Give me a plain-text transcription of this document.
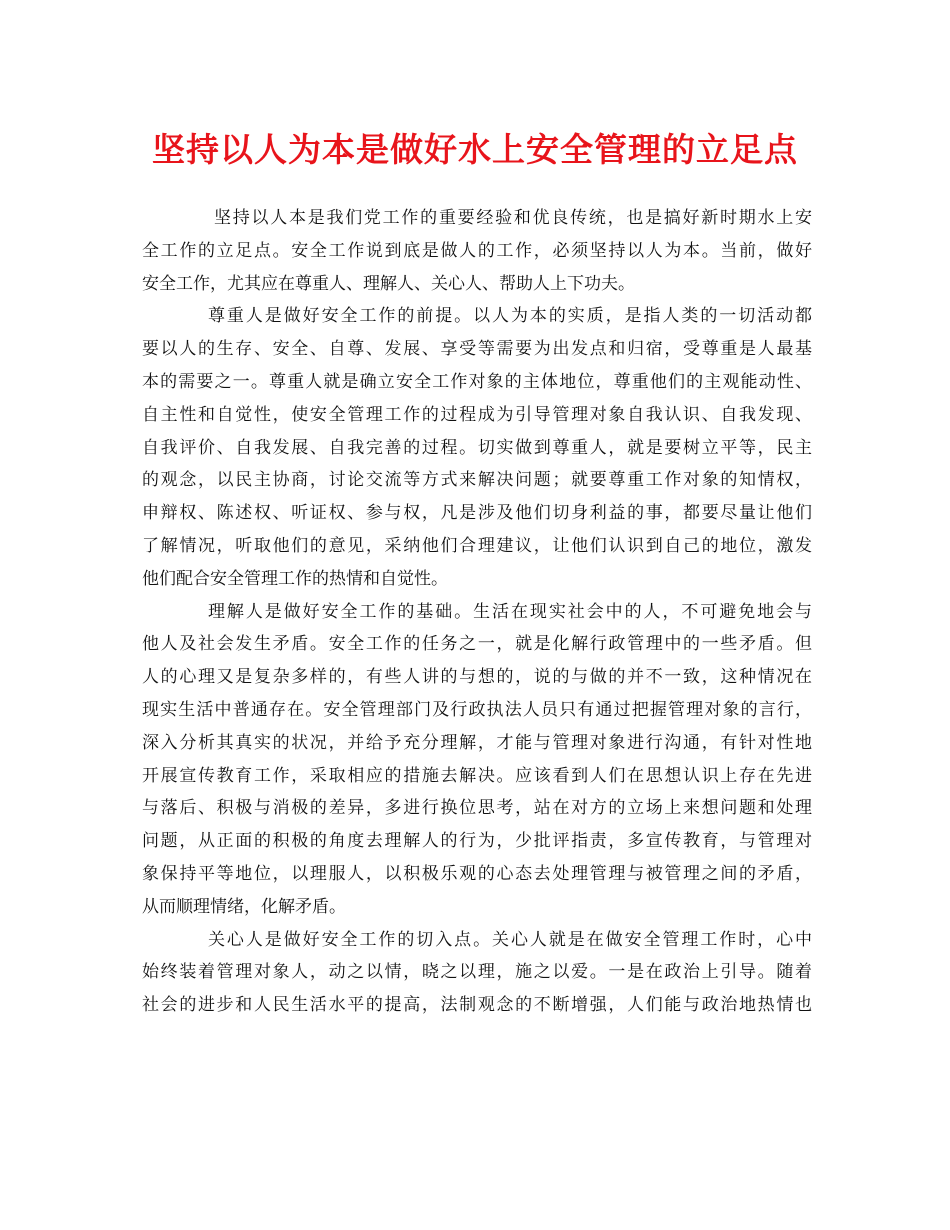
坚持以人为本是做好水上安全管理的立足点

坚持以人本是我们党工作的重要经验和优良传统，也是搞好新时期水上安
全工作的立足点。安全工作说到底是做人的工作，必须坚持以人为本。当前，做好
安全工作，尤其应在尊重人、理解人、关心人、帮助人上下功夫。

尊重人是做好安全工作的前提。以人为本的实质，是指人类的一切活动都
要以人的生存、安全、自尊、发展、享受等需要为出发点和归宿，受尊重是人最基
本的需要之一。尊重人就是确立安全工作对象的主体地位，尊重他们的主观能动性、
自主性和自觉性，使安全管理工作的过程成为引导管理对象自我认识、自我发现、
自我评价、自我发展、自我完善的过程。切实做到尊重人，就是要树立平等，民主
的观念，以民主协商，讨论交流等方式来解决问题；就要尊重工作对象的知情权，
申辩权、陈述权、听证权、参与权，凡是涉及他们切身利益的事，都要尽量让他们
了解情况，听取他们的意见，采纳他们合理建议，让他们认识到自己的地位，激发
他们配合安全管理工作的热情和自觉性。

理解人是做好安全工作的基础。生活在现实社会中的人，不可避免地会与
他人及社会发生矛盾。安全工作的任务之一，就是化解行政管理中的一些矛盾。但
人的心理又是复杂多样的，有些人讲的与想的，说的与做的并不一致，这种情况在
现实生活中普通存在。安全管理部门及行政执法人员只有通过把握管理对象的言行，
深入分析其真实的状况，并给予充分理解，才能与管理对象进行沟通，有针对性地
开展宣传教育工作，采取相应的措施去解决。应该看到人们在思想认识上存在先进
与落后、积极与消极的差异，多进行换位思考，站在对方的立场上来想问题和处理
问题，从正面的积极的角度去理解人的行为，少批评指责，多宣传教育，与管理对
象保持平等地位，以理服人，以积极乐观的心态去处理管理与被管理之间的矛盾，
从而顺理情绪，化解矛盾。

关心人是做好安全工作的切入点。关心人就是在做安全管理工作时，心中
始终装着管理对象人，动之以情，晓之以理，施之以爱。一是在政治上引导。随着
社会的进步和人民生活水平的提高，法制观念的不断增强，人们能与政治地热情也
